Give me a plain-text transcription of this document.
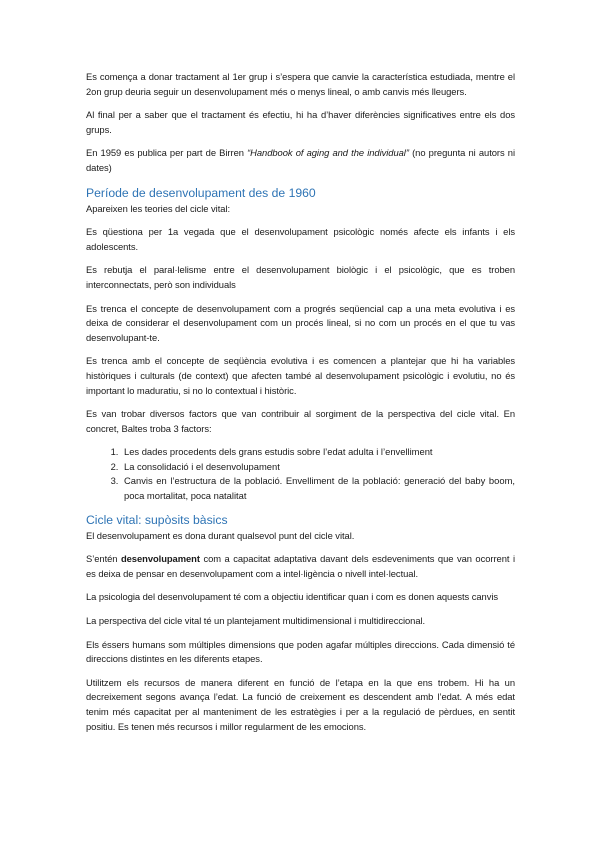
Es comença a donar tractament al 1er grup i s’espera que canvie la característica estudiada, mentre el 2on grup deuria seguir un desenvolupament més o menys lineal, o amb canvis més lleugers.

Al final per a saber que el tractament és efectiu, hi ha d’haver diferències significatives entre els dos grups.

En 1959 es publica per part de Birren “Handbook of aging and the individual” (no pregunta ni autors ni dates)

Període de desenvolupament des de 1960

Apareixen les teories del cicle vital:

Es qüestiona per 1a vegada que el desenvolupament psicològic només afecte els infants i els adolescents.

Es rebutja el paral·lelisme entre el desenvolupament biològic i el psicològic, que es troben interconnectats, però son individuals

Es trenca el concepte de desenvolupament com a progrés seqüencial cap a una meta evolutiva i es deixa de considerar el desenvolupament com un procés lineal, si no com un procés en el que tu vas desenvolupant-te.

Es trenca amb el concepte de seqüència evolutiva i es comencen a plantejar que hi ha variables històriques i culturals (de context) que afecten també al desenvolupament psicològic i evolutiu, no és important lo maduratiu, si no lo contextual i històric.

Es van trobar diversos factors que van contribuir al sorgiment de la perspectiva del cicle vital. En concret, Baltes troba 3 factors:

1. Les dades procedents dels grans estudis sobre l’edat adulta i l’envelliment
2. La consolidació i el desenvolupament
3. Canvis en l’estructura de la població. Envelliment de la població: generació del baby boom, poca mortalitat, poca natalitat
Cicle vital: supòsits bàsics

El desenvolupament es dona durant qualsevol punt del cicle vital.

S’entén desenvolupament com a capacitat adaptativa davant dels esdeveniments que van ocorrent i es deixa de pensar en desenvolupament com a intel·ligència o nivell intel·lectual.

La psicologia del desenvolupament té com a objectiu identificar quan i com es donen aquests canvis

La perspectiva del cicle vital té un plantejament multidimensional i multidireccional.

Els éssers humans som múltiples dimensions que poden agafar múltiples direccions. Cada dimensió té direccions distintes en les diferents etapes.

Utilitzem els recursos de manera diferent en funció de l’etapa en la que ens trobem. Hi ha un decreixement segons avança l’edat. La funció de creixement es descendent amb l’edat. A més edat tenim més capacitat per al manteniment de les estratègies i per a la regulació de pèrdues, en sentit positiu. Es tenen més recursos i millor regularment de les emocions.
